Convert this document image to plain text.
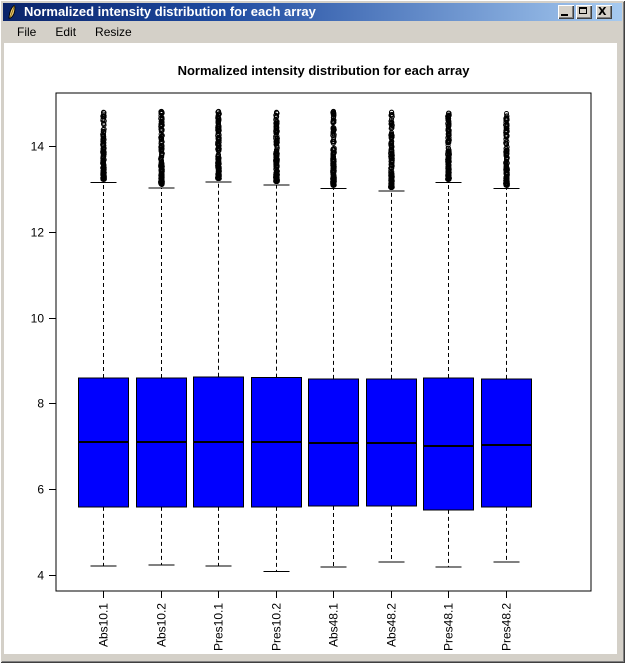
Normalized intensity distribution for each array	X
File	Edit	Resize
Normalized intensity distribution for each array
4
6
8
10
12
14
Abs10.1	Abs10.2	Pres10.1	Pres10.2	Abs48.1	Abs48.2	Pres48.1	Pres48.2
